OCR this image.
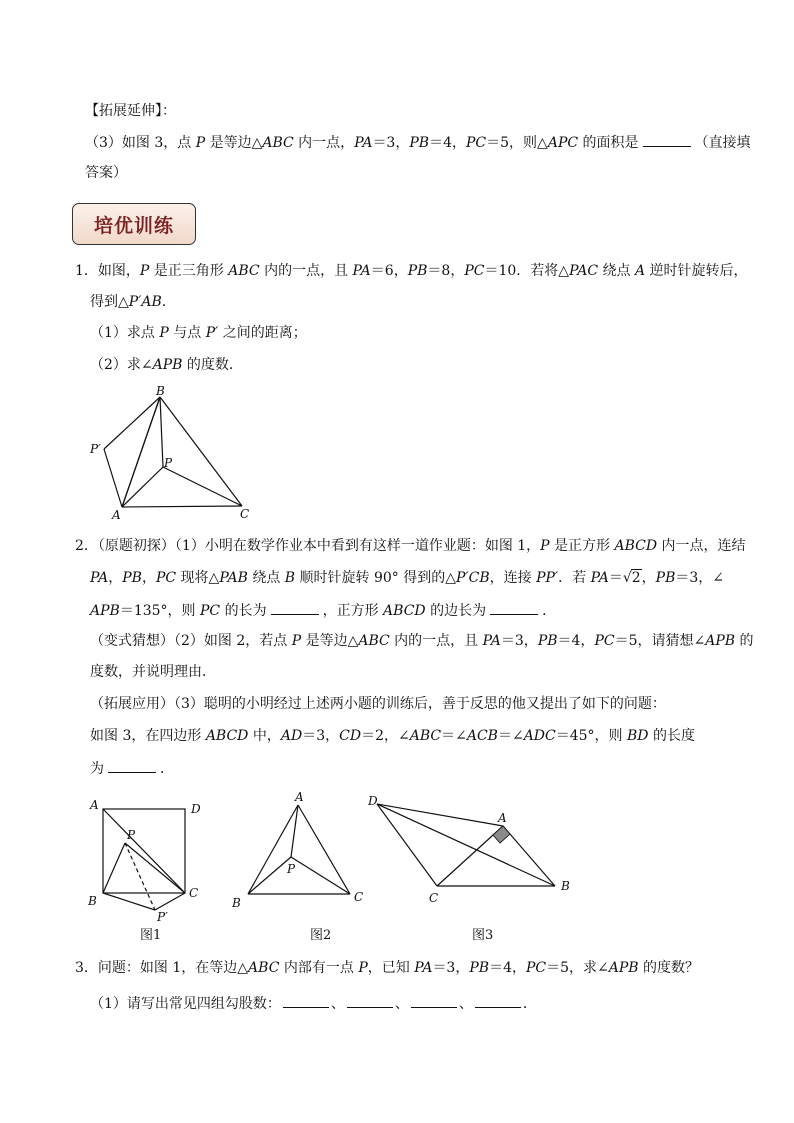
【拓展延伸】：
（3）如图 3，点 P 是等边△ABC 内一点，PA＝3，PB＝4，PC＝5，则△APC 的面积是	（直接填
答案）
培优训练
1．如图，P 是正三角形 ABC 内的一点，且 PA＝6，PB＝8，PC＝10．若将△PAC 绕点 A 逆时针旋转后，
得到△P′AB．
（1）求点 P 与点 P′ 之间的距离；
（2）求∠APB 的度数．
B
P′
P
A	C
2．（原题初探）（1）小明在数学作业本中看到有这样一道作业题：如图 1，P 是正方形 ABCD 内一点，连结
PA，PB，PC 现将△PAB 绕点 B 顺时针旋转 90° 得到的△P′CB，连接 PP′．若 PA＝√2，PB＝3，∠
APB＝135°，则 PC 的长为	，正方形 ABCD 的边长为	．
（变式猜想）（2）如图 2，若点 P 是等边△ABC 内的一点，且 PA＝3，PB＝4，PC＝5，请猜想∠APB 的
度数，并说明理由．
（拓展应用）（3）聪明的小明经过上述两小题的训练后，善于反思的他又提出了如下的问题：
如图 3，在四边形 ABCD 中，AD＝3，CD＝2，∠ABC＝∠ACB＝∠ADC＝45°，则 BD 的长度
为	．
A	D
P
B
C
P′
图1
A
P
B	C
图2
D
A
C
B
图3
3．问题：如图 1，在等边△ABC 内部有一点 P，已知 PA＝3，PB＝4，PC＝5，求∠APB 的度数？
（1）请写出常见四组勾股数：	、	、	、	．
